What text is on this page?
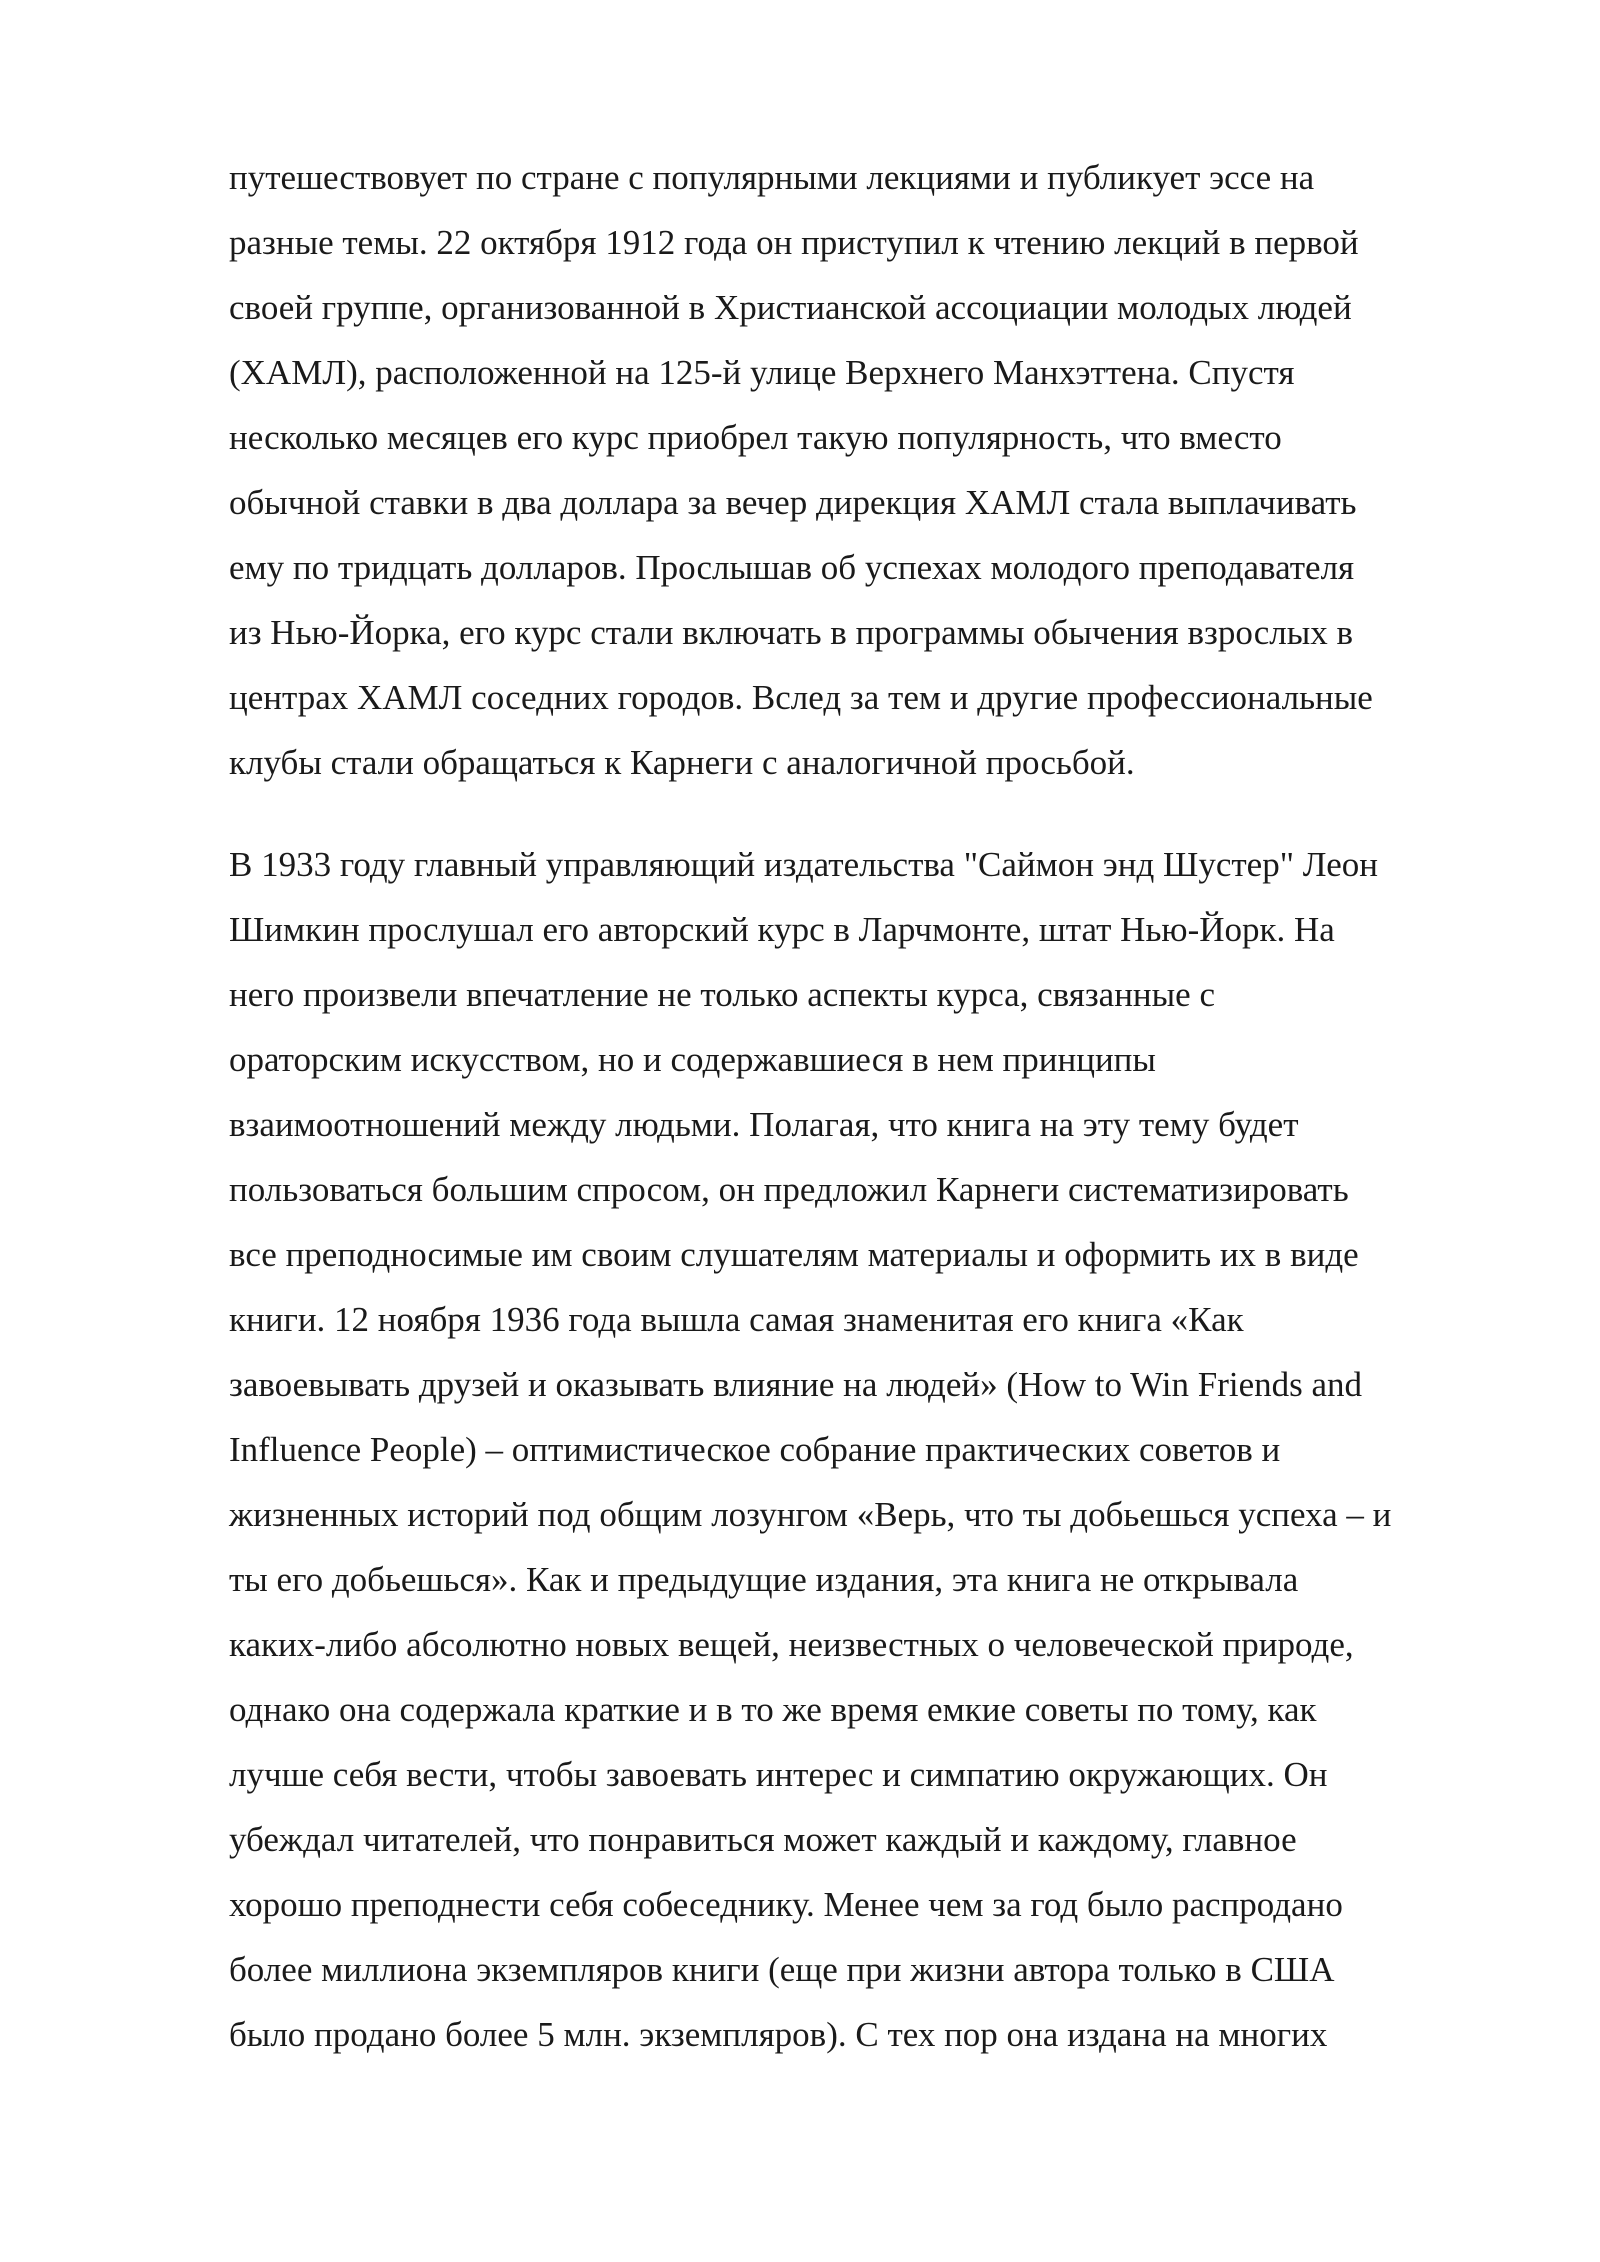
путешествовует по стране с популярными лекциями и публикует эссе на
разные темы. 22 октября 1912 года он приступил к чтению лекций в первой
своей группе, организованной в Христианской ассоциации молодых людей
(ХАМЛ), расположенной на 125-й улице Верхнего Манхэттена. Спустя
несколько месяцев его курс приобрел такую популярность, что вместо
обычной ставки в два доллара за вечер дирекция ХАМЛ стала выплачивать
ему по тридцать долларов. Прослышав об успехах молодого преподавателя
из Нью-Йорка, его курс стали включать в программы обычения взрослых в
центрах ХАМЛ соседних городов. Вслед за тем и другие профессиональные
клубы стали обращаться к Карнеги с аналогичной просьбой.
В 1933 году главный управляющий издательства "Саймон энд Шустер" Леон
Шимкин прослушал его авторский курс в Ларчмонте, штат Нью-Йорк. На
него произвели впечатление не только аспекты курса, связанные с
ораторским искусством, но и содержавшиеся в нем принципы
взаимоотношений между людьми. Полагая, что книга на эту тему будет
пользоваться большим спросом, он предложил Карнеги систематизировать
все преподносимые им своим слушателям материалы и оформить их в виде
книги. 12 ноября 1936 года вышла самая знаменитая его книга «Как
завоевывать друзей и оказывать влияние на людей» (How to Win Friends and
Influence People) – оптимистическое собрание практических советов и
жизненных историй под общим лозунгом «Верь, что ты добьешься успеха – и
ты его добьешься». Как и предыдущие издания, эта книга не открывала
каких-либо абсолютно новых вещей, неизвестных о человеческой природе,
однако она содержала краткие и в то же время емкие советы по тому, как
лучше себя вести, чтобы завоевать интерес и симпатию окружающих. Он
убеждал читателей, что понравиться может каждый и каждому, главное
хорошо преподнести себя собеседнику. Менее чем за год было распродано
более миллиона экземпляров книги (еще при жизни автора только в США
было продано более 5 млн. экземпляров). С тех пор она издана на многих
